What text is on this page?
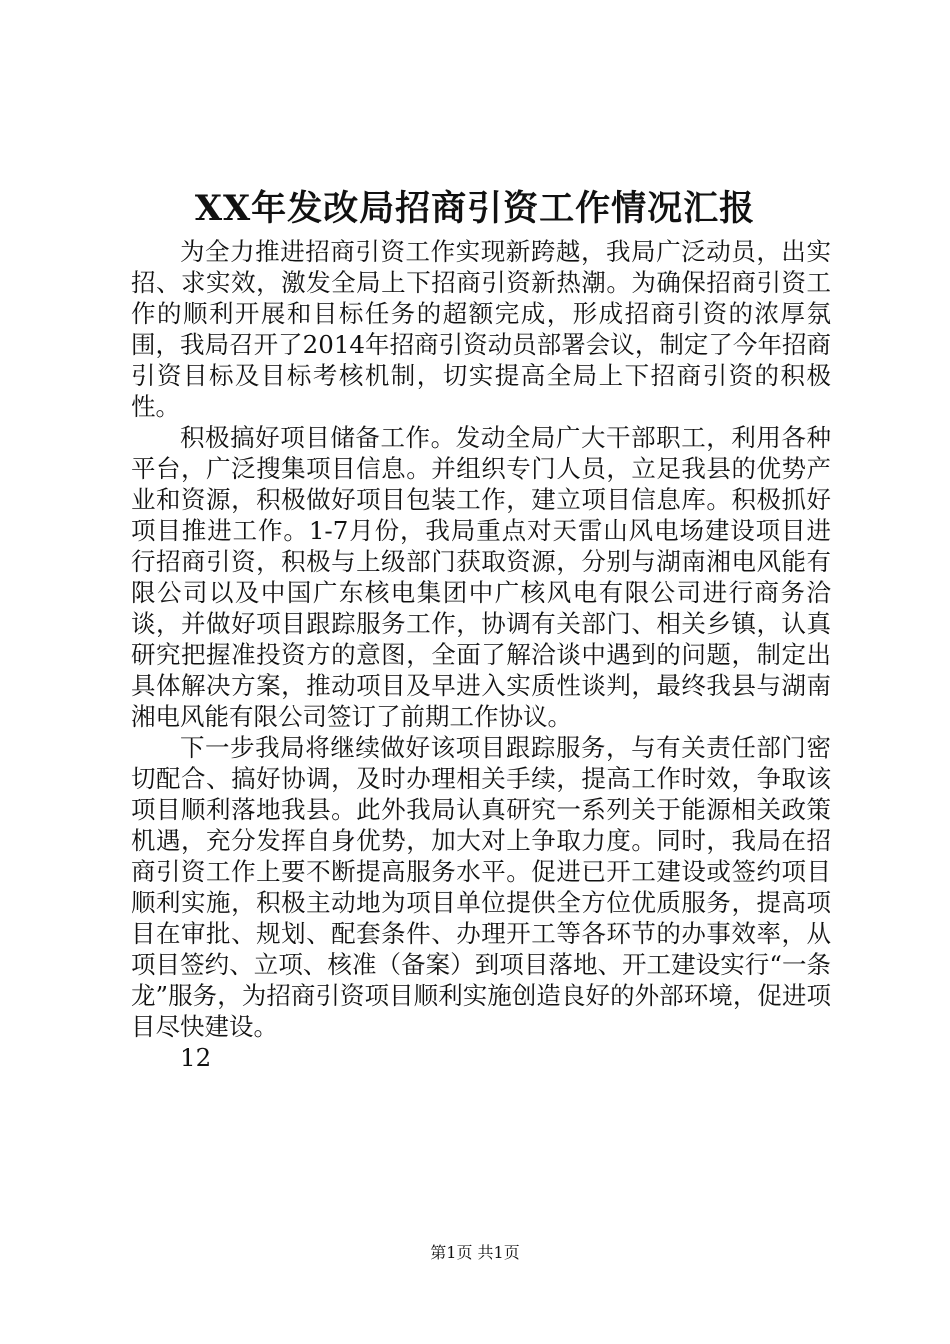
XX年发改局招商引资工作情况汇报

为全力推进招商引资工作实现新跨越，我局广泛动员，出实招、求实效，激发全局上下招商引资新热潮。为确保招商引资工作的顺利开展和目标任务的超额完成，形成招商引资的浓厚氛围，我局召开了2014年招商引资动员部署会议，制定了今年招商引资目标及目标考核机制，切实提高全局上下招商引资的积极性。

积极搞好项目储备工作。发动全局广大干部职工，利用各种平台，广泛搜集项目信息。并组织专门人员，立足我县的优势产业和资源，积极做好项目包装工作，建立项目信息库。积极抓好项目推进工作。1-7月份，我局重点对天雷山风电场建设项目进行招商引资，积极与上级部门获取资源，分别与湖南湘电风能有限公司以及中国广东核电集团中广核风电有限公司进行商务洽谈，并做好项目跟踪服务工作，协调有关部门、相关乡镇，认真研究把握准投资方的意图，全面了解洽谈中遇到的问题，制定出具体解决方案，推动项目及早进入实质性谈判，最终我县与湖南湘电风能有限公司签订了前期工作协议。

下一步我局将继续做好该项目跟踪服务，与有关责任部门密切配合、搞好协调，及时办理相关手续，提高工作时效，争取该项目顺利落地我县。此外我局认真研究一系列关于能源相关政策机遇，充分发挥自身优势，加大对上争取力度。同时，我局在招商引资工作上要不断提高服务水平。促进已开工建设或签约项目顺利实施，积极主动地为项目单位提供全方位优质服务，提高项目在审批、规划、配套条件、办理开工等各环节的办事效率，从项目签约、立项、核准（备案）到项目落地、开工建设实行“一条龙”服务，为招商引资项目顺利实施创造良好的外部环境，促进项目尽快建设。

12

第1页 共1页
